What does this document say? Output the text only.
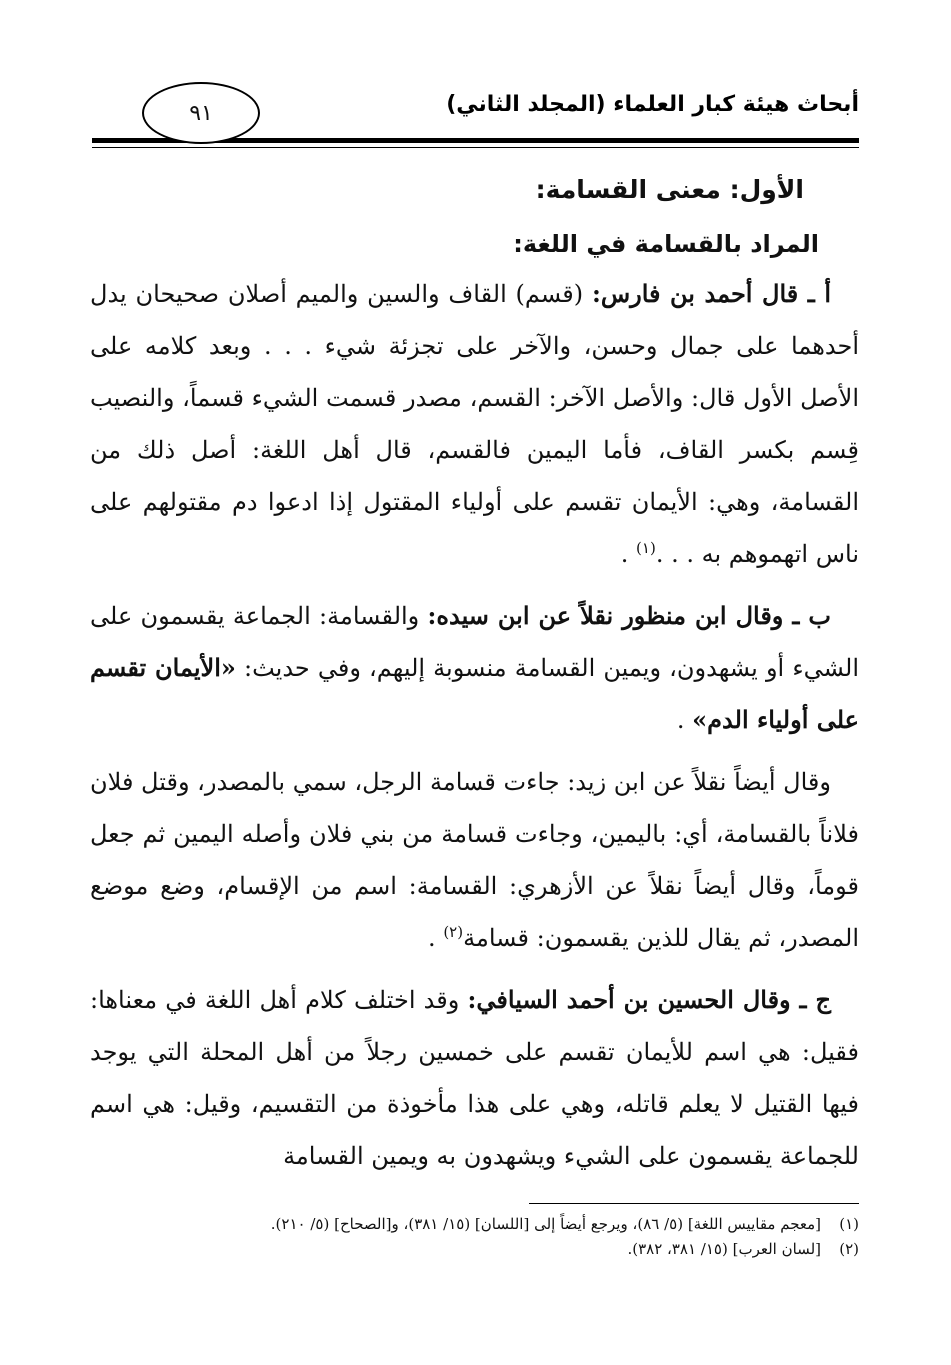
أبحاث هيئة كبار العلماء (المجلد الثاني)
٩١
الأول: معنى القسامة:
المراد بالقسامة في اللغة:

أ ـ قال أحمد بن فارس: (قسم) القاف والسين والميم أصلان صحيحان يدل أحدهما على جمال وحسن، والآخر على تجزئة شيء . . . وبعد كلامه على الأصل الأول قال: والأصل الآخر: القسم، مصدر قسمت الشيء قسماً، والنصيب قِسم بكسر القاف، فأما اليمين فالقسم، قال أهل اللغة: أصل ذلك من القسامة، وهي: الأيمان تقسم على أولياء المقتول إذا ادعوا دم مقتولهم على ناس اتهموهم به . . .$^{(١)}$ .

ب ـ وقال ابن منظور نقلاً عن ابن سيده: والقسامة: الجماعة يقسمون على الشيء أو يشهدون، ويمين القسامة منسوبة إليهم، وفي حديث: «الأيمان تقسم على أولياء الدم» .

وقال أيضاً نقلاً عن ابن زيد: جاءت قسامة الرجل، سمي بالمصدر، وقتل فلان فلاناً بالقسامة، أي: باليمين، وجاءت قسامة من بني فلان وأصله اليمين ثم جعل قوماً، وقال أيضاً نقلاً عن الأزهري: القسامة: اسم من الإقسام، وضع موضع المصدر، ثم يقال للذين يقسمون: قسامة$^{(٢)}$ .

ج ـ وقال الحسين بن أحمد السيافي: وقد اختلف كلام أهل اللغة في معناها: فقيل: هي اسم للأيمان تقسم على خمسين رجلاً من أهل المحلة التي يوجد فيها القتيل لا يعلم قاتله، وهي على هذا مأخوذة من التقسيم، وقيل: هي اسم للجماعة يقسمون على الشيء ويشهدون به ويمين القسامة

(١)[معجم مقاييس اللغة] (٥/ ٨٦)، ويرجع أيضاً إلى [اللسان] (١٥/ ٣٨١)، و[الصحاح] (٥/ ٢١٠).

(٢)[لسان العرب] (١٥/ ٣٨١، ٣٨٢).
